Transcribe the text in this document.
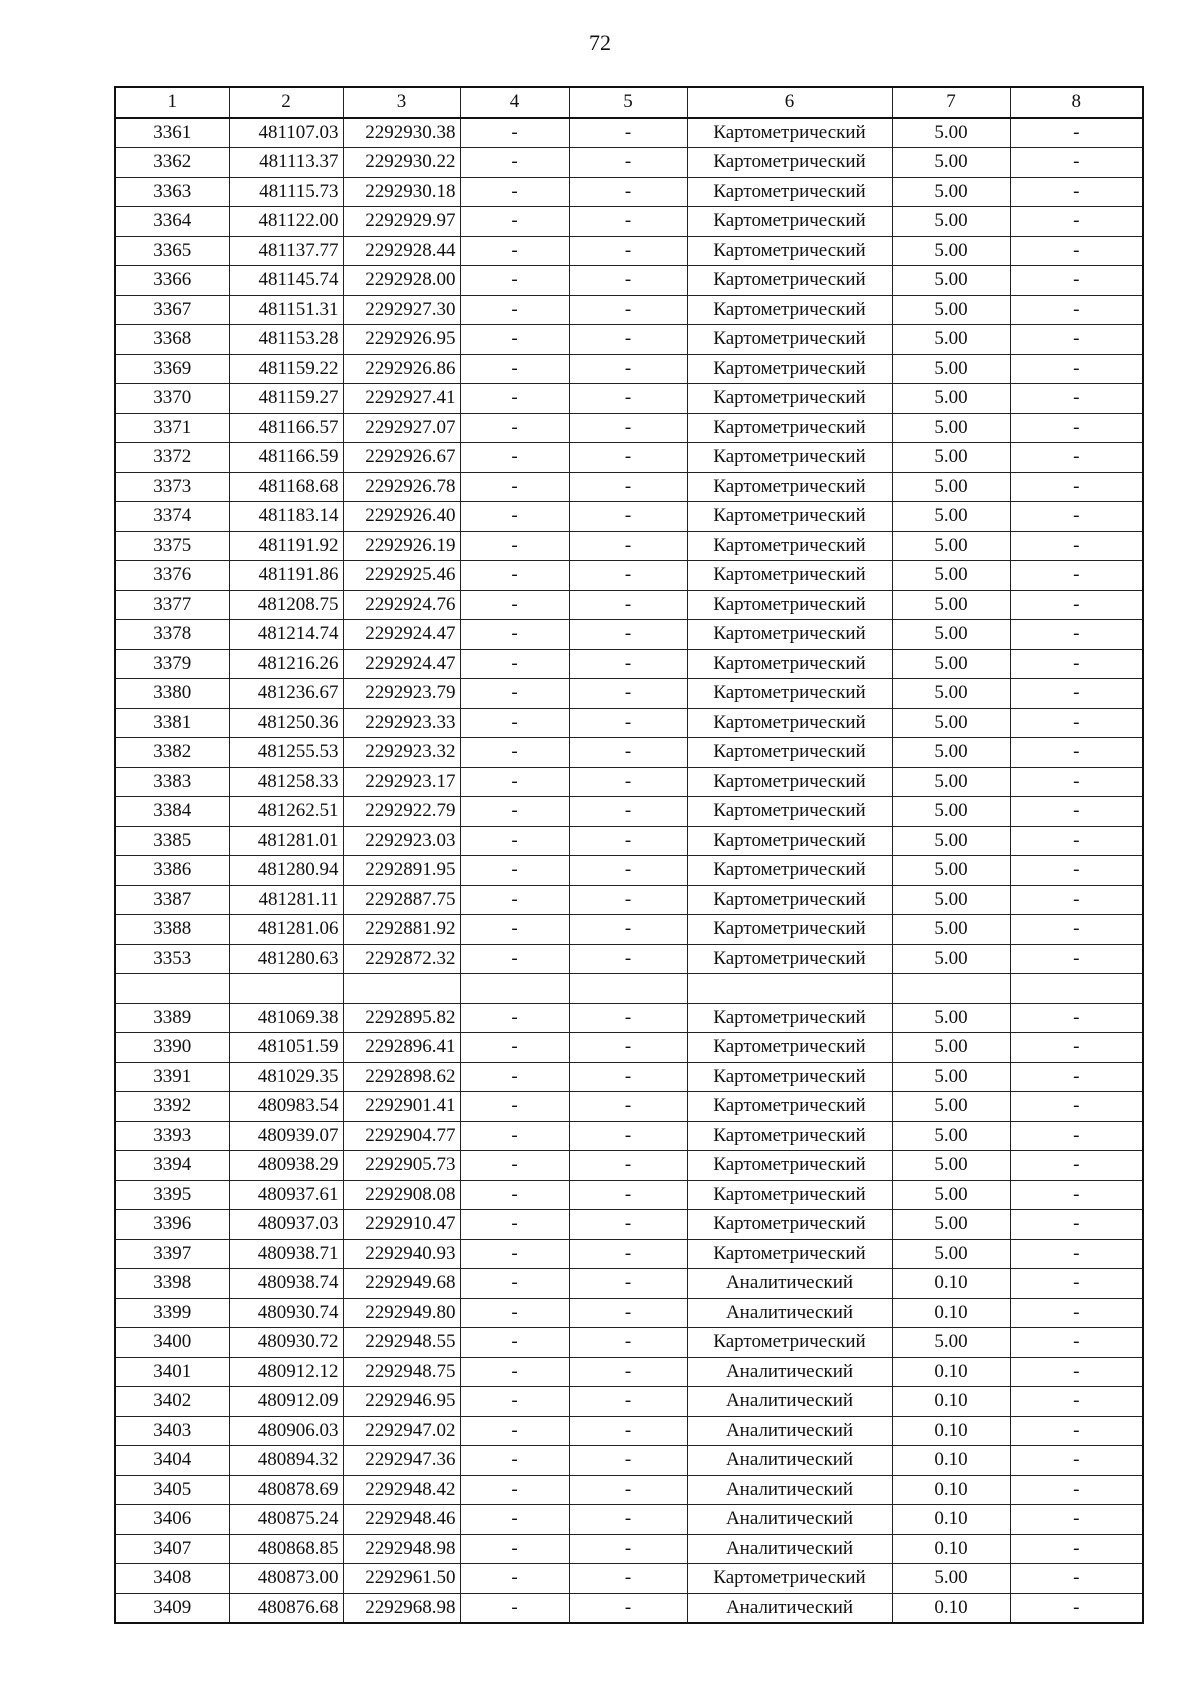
72
1	2	3	4	5	6	7	8
3361	481107.03	2292930.38	-	-	Картометрический	5.00	-
3362	481113.37	2292930.22	-	-	Картометрический	5.00	-
3363	481115.73	2292930.18	-	-	Картометрический	5.00	-
3364	481122.00	2292929.97	-	-	Картометрический	5.00	-
3365	481137.77	2292928.44	-	-	Картометрический	5.00	-
3366	481145.74	2292928.00	-	-	Картометрический	5.00	-
3367	481151.31	2292927.30	-	-	Картометрический	5.00	-
3368	481153.28	2292926.95	-	-	Картометрический	5.00	-
3369	481159.22	2292926.86	-	-	Картометрический	5.00	-
3370	481159.27	2292927.41	-	-	Картометрический	5.00	-
3371	481166.57	2292927.07	-	-	Картометрический	5.00	-
3372	481166.59	2292926.67	-	-	Картометрический	5.00	-
3373	481168.68	2292926.78	-	-	Картометрический	5.00	-
3374	481183.14	2292926.40	-	-	Картометрический	5.00	-
3375	481191.92	2292926.19	-	-	Картометрический	5.00	-
3376	481191.86	2292925.46	-	-	Картометрический	5.00	-
3377	481208.75	2292924.76	-	-	Картометрический	5.00	-
3378	481214.74	2292924.47	-	-	Картометрический	5.00	-
3379	481216.26	2292924.47	-	-	Картометрический	5.00	-
3380	481236.67	2292923.79	-	-	Картометрический	5.00	-
3381	481250.36	2292923.33	-	-	Картометрический	5.00	-
3382	481255.53	2292923.32	-	-	Картометрический	5.00	-
3383	481258.33	2292923.17	-	-	Картометрический	5.00	-
3384	481262.51	2292922.79	-	-	Картометрический	5.00	-
3385	481281.01	2292923.03	-	-	Картометрический	5.00	-
3386	481280.94	2292891.95	-	-	Картометрический	5.00	-
3387	481281.11	2292887.75	-	-	Картометрический	5.00	-
3388	481281.06	2292881.92	-	-	Картометрический	5.00	-
3353	481280.63	2292872.32	-	-	Картометрический	5.00	-

3389	481069.38	2292895.82	-	-	Картометрический	5.00	-
3390	481051.59	2292896.41	-	-	Картометрический	5.00	-
3391	481029.35	2292898.62	-	-	Картометрический	5.00	-
3392	480983.54	2292901.41	-	-	Картометрический	5.00	-
3393	480939.07	2292904.77	-	-	Картометрический	5.00	-
3394	480938.29	2292905.73	-	-	Картометрический	5.00	-
3395	480937.61	2292908.08	-	-	Картометрический	5.00	-
3396	480937.03	2292910.47	-	-	Картометрический	5.00	-
3397	480938.71	2292940.93	-	-	Картометрический	5.00	-
3398	480938.74	2292949.68	-	-	Аналитический	0.10	-
3399	480930.74	2292949.80	-	-	Аналитический	0.10	-
3400	480930.72	2292948.55	-	-	Картометрический	5.00	-
3401	480912.12	2292948.75	-	-	Аналитический	0.10	-
3402	480912.09	2292946.95	-	-	Аналитический	0.10	-
3403	480906.03	2292947.02	-	-	Аналитический	0.10	-
3404	480894.32	2292947.36	-	-	Аналитический	0.10	-
3405	480878.69	2292948.42	-	-	Аналитический	0.10	-
3406	480875.24	2292948.46	-	-	Аналитический	0.10	-
3407	480868.85	2292948.98	-	-	Аналитический	0.10	-
3408	480873.00	2292961.50	-	-	Картометрический	5.00	-
3409	480876.68	2292968.98	-	-	Аналитический	0.10	-
